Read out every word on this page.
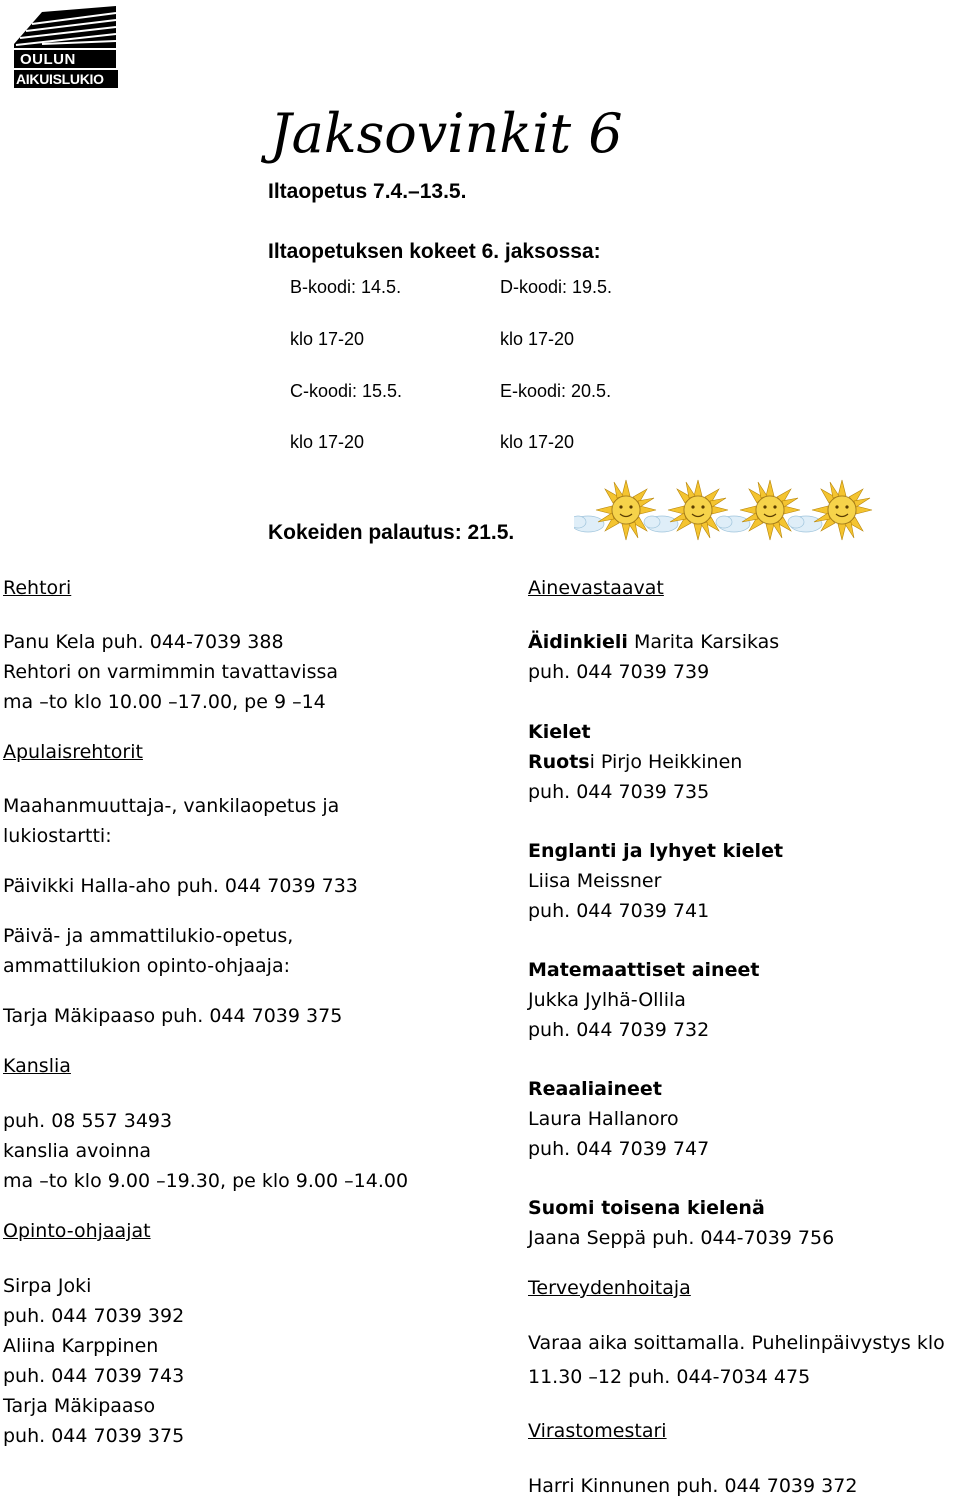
OULUN
AIKUISLUKIO
Jaksovinkit 6
Iltaopetus 7.4.–13.5.
Iltaopetuksen kokeet 6. jaksossa:
B-koodi: 14.5.
klo 17-20
C-koodi: 15.5.
klo 17-20
D-koodi: 19.5.
klo 17-20
E-koodi: 20.5.
klo 17-20
Kokeiden palautus: 21.5.
Rehtori
Panu Kela puh. 044-7039 388
Rehtori on varmimmin tavattavissa
ma –to klo 10.00 –17.00, pe 9 –14
Apulaisrehtorit
Maahanmuuttaja-, vankilaopetus ja
lukiostartti:
Päivikki Halla-aho puh. 044 7039 733
Päivä- ja ammattilukio-opetus,
ammattilukion opinto-ohjaaja:
Tarja Mäkipaaso puh. 044 7039 375
Kanslia
puh. 08 557 3493
kanslia avoinna
ma –to klo 9.00 –19.30, pe klo 9.00 –14.00
Opinto-ohjaajat
Sirpa Joki
puh. 044 7039 392
Aliina Karppinen
puh. 044 7039 743
Tarja Mäkipaaso
puh. 044 7039 375
Ainevastaavat
Äidinkieli Marita Karsikas
puh. 044 7039 739
Kielet
Ruotsi Pirjo Heikkinen
puh. 044 7039 735
Englanti ja lyhyet kielet
Liisa Meissner
puh. 044 7039 741
Matemaattiset aineet
Jukka Jylhä-Ollila
puh. 044 7039 732
Reaaliaineet
Laura Hallanoro
puh. 044 7039 747
Suomi toisena kielenä
Jaana Seppä puh. 044-7039 756
Terveydenhoitaja
Varaa aika soittamalla. Puhelinpäivystys klo
11.30 –12 puh. 044-7034 475
Virastomestari
Harri Kinnunen puh. 044 7039 372
